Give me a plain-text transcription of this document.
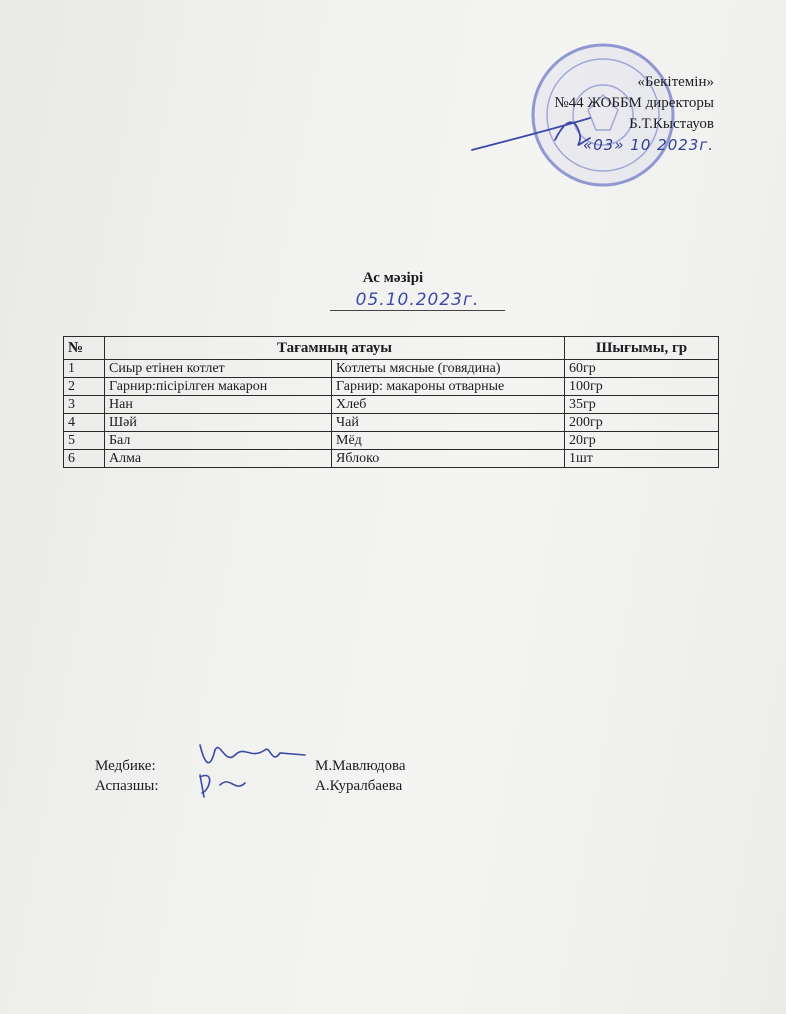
«Бекітемін»
№44 ЖОББМ директоры
Б.Т.Кыстауов
«03» 10 2023г.
Ас мәзірі
05.10.2023г.
№	Тағамның атауы		Шығымы, гр
1	Сиыр етінен котлет	Котлеты мясные (говядина)	60гр
2	Гарнир:пісірілген макарон	Гарнир: макароны отварные	100гр
3	Нан	Хлеб	35гр
4	Шәй	Чай	200гр
5	Бал	Мёд	20гр
6	Алма	Яблоко	1шт
Медбике:	М.Мавлюдова
Аспазшы:	А.Куралбаева
